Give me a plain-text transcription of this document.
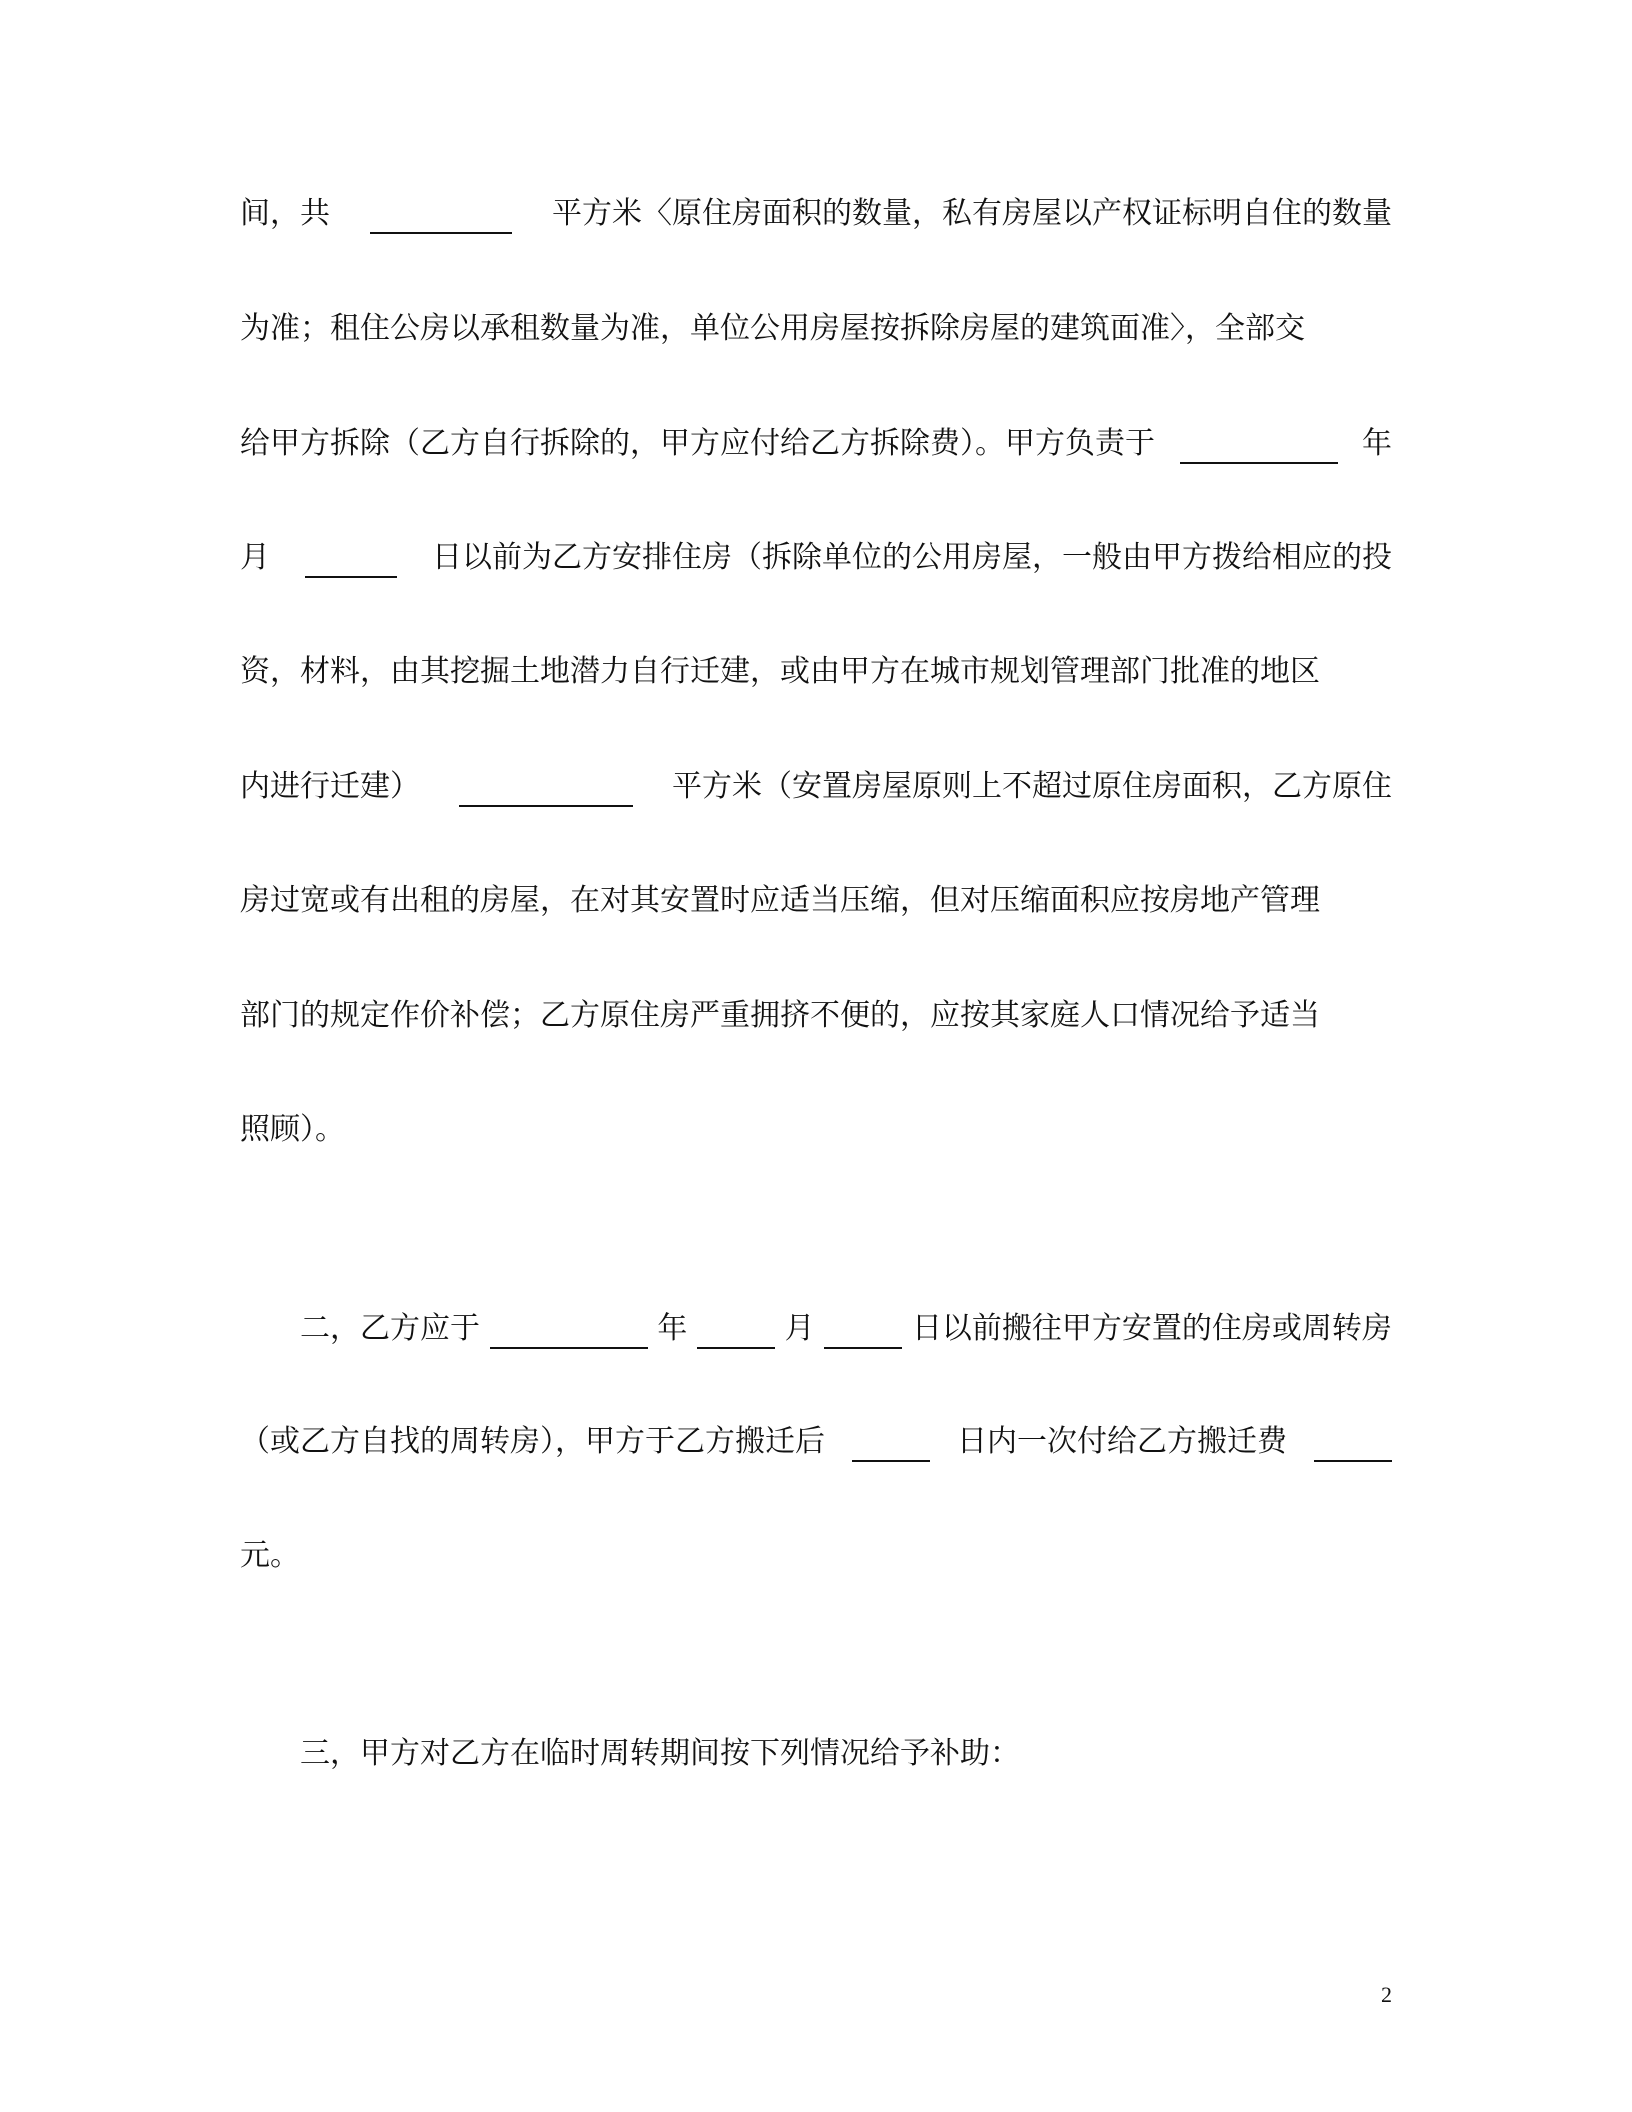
间，共	平方米〈原住房面积的数量，私有房屋以产权证标明自住的数量
为准；租住公房以承租数量为准，单位公用房屋按拆除房屋的建筑面准〉，全部交
给甲方拆除（乙方自行拆除的，甲方应付给乙方拆除费）。甲方负责于	年
月	日以前为乙方安排住房（拆除单位的公用房屋，一般由甲方拨给相应的投
资，材料，由其挖掘土地潜力自行迁建，或由甲方在城市规划管理部门批准的地区
内进行迁建）	平方米（安置房屋原则上不超过原住房面积，乙方原住
房过宽或有出租的房屋，在对其安置时应适当压缩，但对压缩面积应按房地产管理
部门的规定作价补偿；乙方原住房严重拥挤不便的，应按其家庭人口情况给予适当
照顾）。
二，乙方应于	年	月	日以前搬往甲方安置的住房或周转房
（或乙方自找的周转房），甲方于乙方搬迁后	日内一次付给乙方搬迁费
元。
三，甲方对乙方在临时周转期间按下列情况给予补助：
2
